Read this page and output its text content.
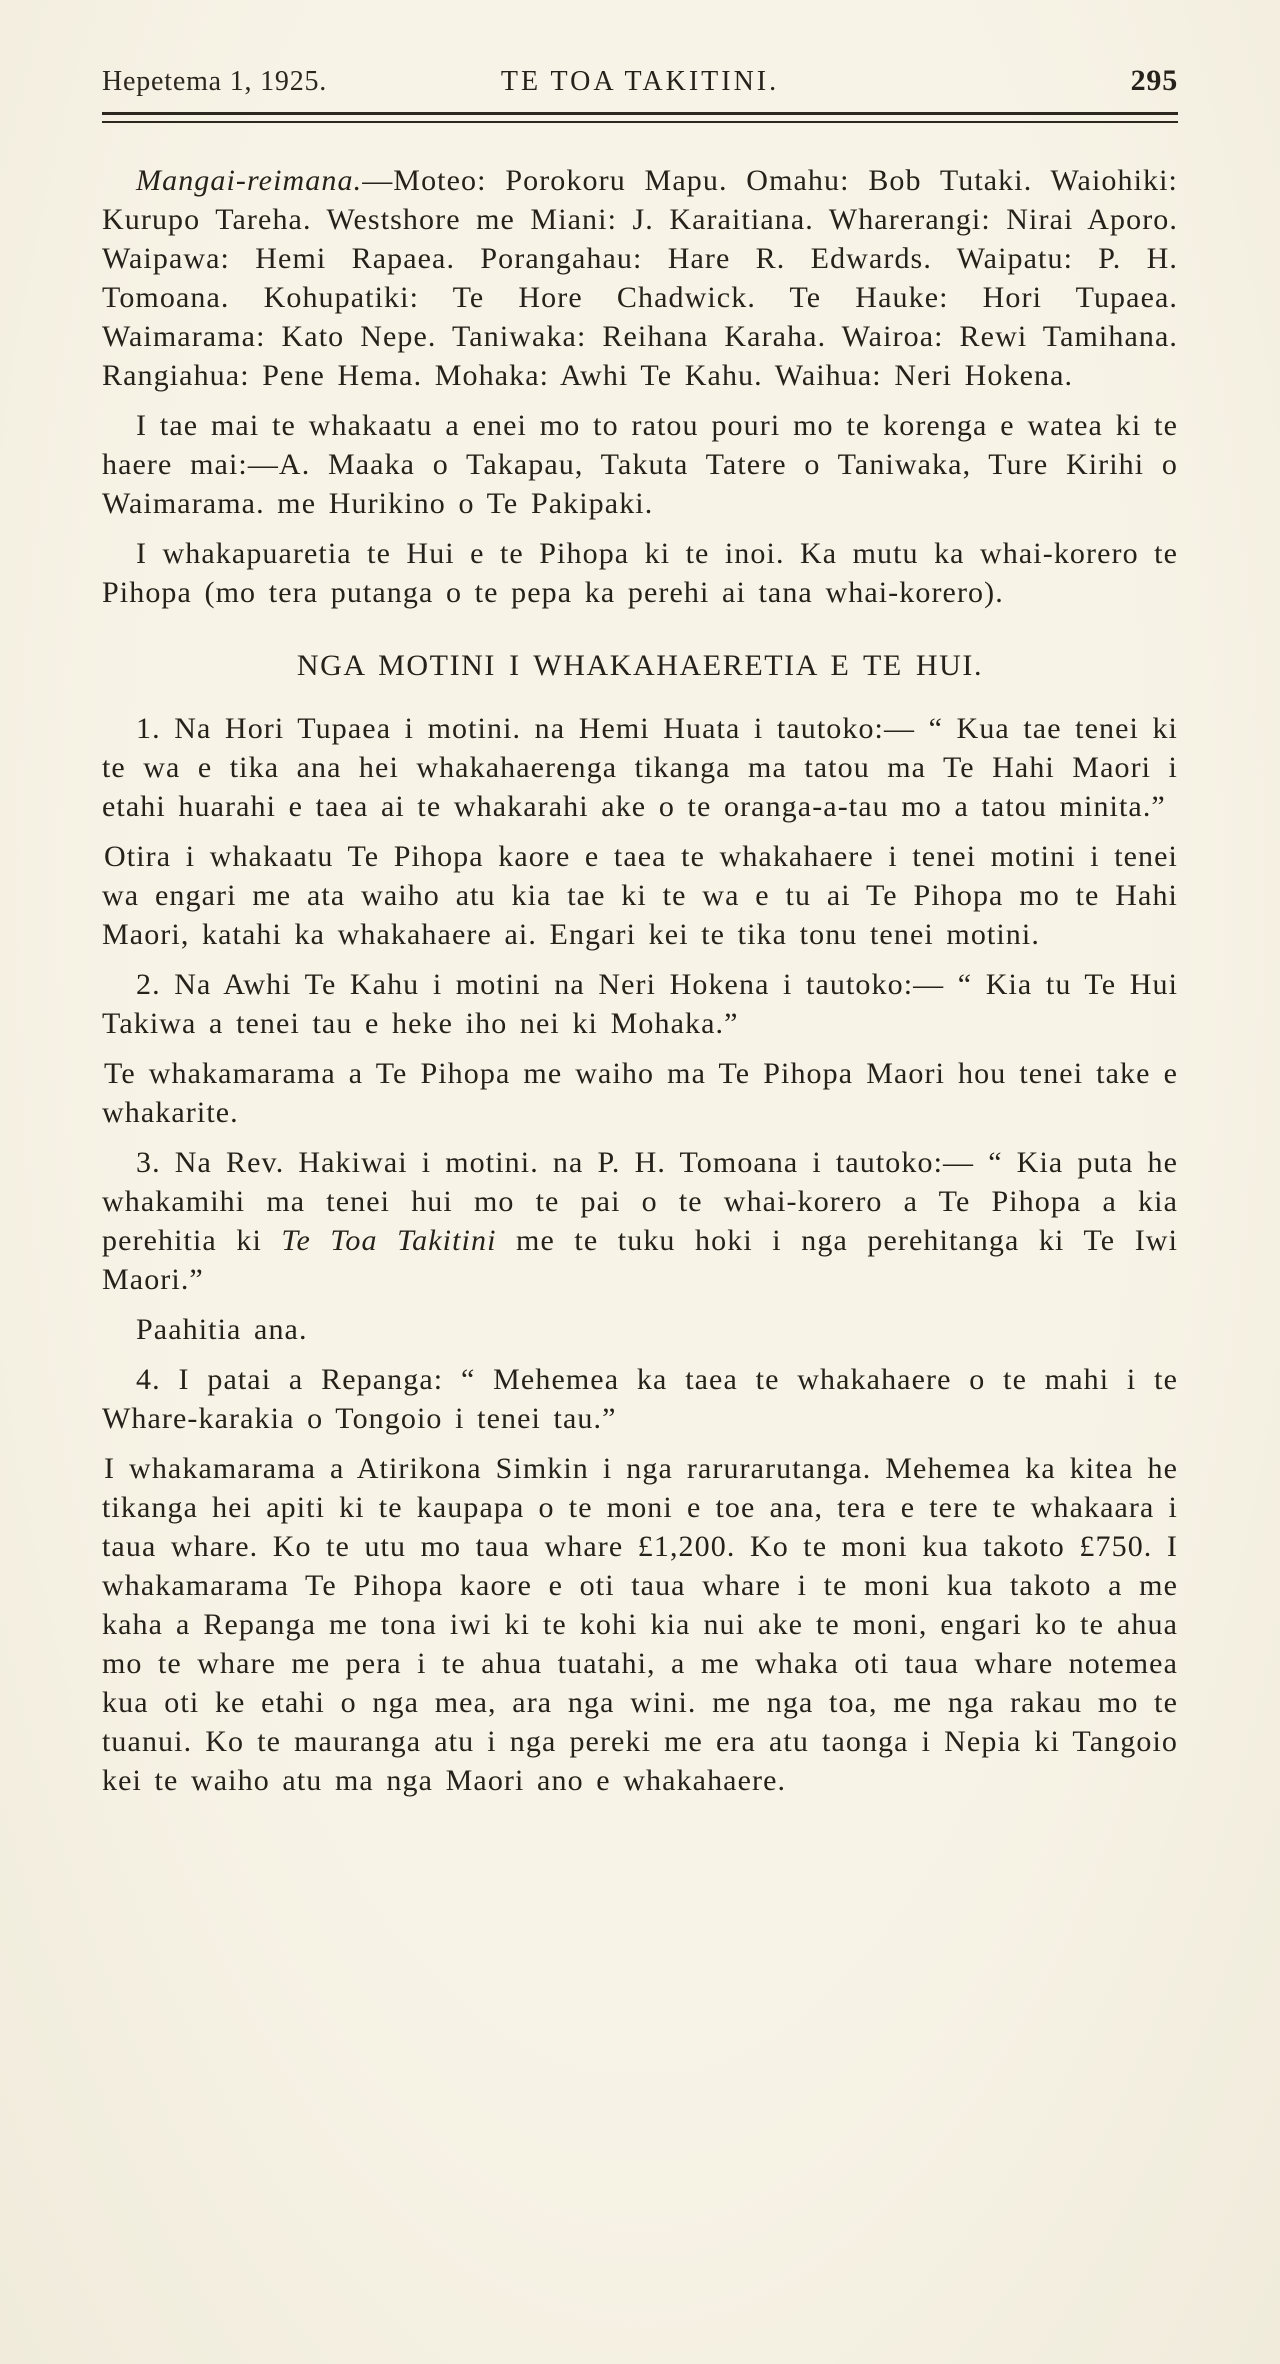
Hepetema 1, 1925.	TE TOA TAKITINI.	295

Mangai-reimana.—Moteo: Porokoru Mapu. Omahu: Bob Tutaki. Waiohiki: Kurupo Tareha. Westshore me Miani: J. Karaitiana. Wharerangi: Nirai Aporo. Waipawa: Hemi Rapaea. Porangahau: Hare R. Edwards. Waipatu: P. H. Tomoana. Kohupatiki: Te Hore Chadwick. Te Hauke: Hori Tupaea. Waimarama: Kato Nepe. Taniwaka: Reihana Karaha. Wairoa: Rewi Tamihana. Rangiahua: Pene Hema. Mohaka: Awhi Te Kahu. Waihua: Neri Hokena.

I tae mai te whakaatu a enei mo to ratou pouri mo te korenga e watea ki te haere mai:—A. Maaka o Takapau, Takuta Tatere o Taniwaka, Ture Kirihi o Waimarama. me Hurikino o Te Pakipaki.

I whakapuaretia te Hui e te Pihopa ki te inoi. Ka mutu ka whai-korero te Pihopa (mo tera putanga o te pepa ka perehi ai tana whai-korero).

NGA MOTINI I WHAKAHAERETIA E TE HUI.

1. Na Hori Tupaea i motini. na Hemi Huata i tautoko:— “ Kua tae tenei ki te wa e tika ana hei whakahaerenga tikanga ma tatou ma Te Hahi Maori i etahi huarahi e taea ai te whakarahi ake o te oranga-a-tau mo a tatou minita.”

Otira i whakaatu Te Pihopa kaore e taea te whakahaere i tenei motini i tenei wa engari me ata waiho atu kia tae ki te wa e tu ai Te Pihopa mo te Hahi Maori, katahi ka whakahaere ai. Engari kei te tika tonu tenei motini.

2. Na Awhi Te Kahu i motini na Neri Hokena i tautoko:— “ Kia tu Te Hui Takiwa a tenei tau e heke iho nei ki Mohaka.”

Te whakamarama a Te Pihopa me waiho ma Te Pihopa Maori hou tenei take e whakarite.

3. Na Rev. Hakiwai i motini. na P. H. Tomoana i tautoko:— “ Kia puta he whakamihi ma tenei hui mo te pai o te whai-korero a Te Pihopa a kia perehitia ki Te Toa Takitini me te tuku hoki i nga perehitanga ki Te Iwi Maori.”

Paahitia ana.

4. I patai a Repanga: “ Mehemea ka taea te whakahaere o te mahi i te Whare-karakia o Tongoio i tenei tau.”

I whakamarama a Atirikona Simkin i nga rarurarutanga. Mehemea ka kitea he tikanga hei apiti ki te kaupapa o te moni e toe ana, tera e tere te whakaara i taua whare. Ko te utu mo taua whare £1,200. Ko te moni kua takoto £750. I whakamarama Te Pihopa kaore e oti taua whare i te moni kua takoto a me kaha a Repanga me tona iwi ki te kohi kia nui ake te moni, engari ko te ahua mo te whare me pera i te ahua tuatahi, a me whaka oti taua whare notemea kua oti ke etahi o nga mea, ara nga wini. me nga toa, me nga rakau mo te tuanui. Ko te mauranga atu i nga pereki me era atu taonga i Nepia ki Tangoio kei te waiho atu ma nga Maori ano e whakahaere.
